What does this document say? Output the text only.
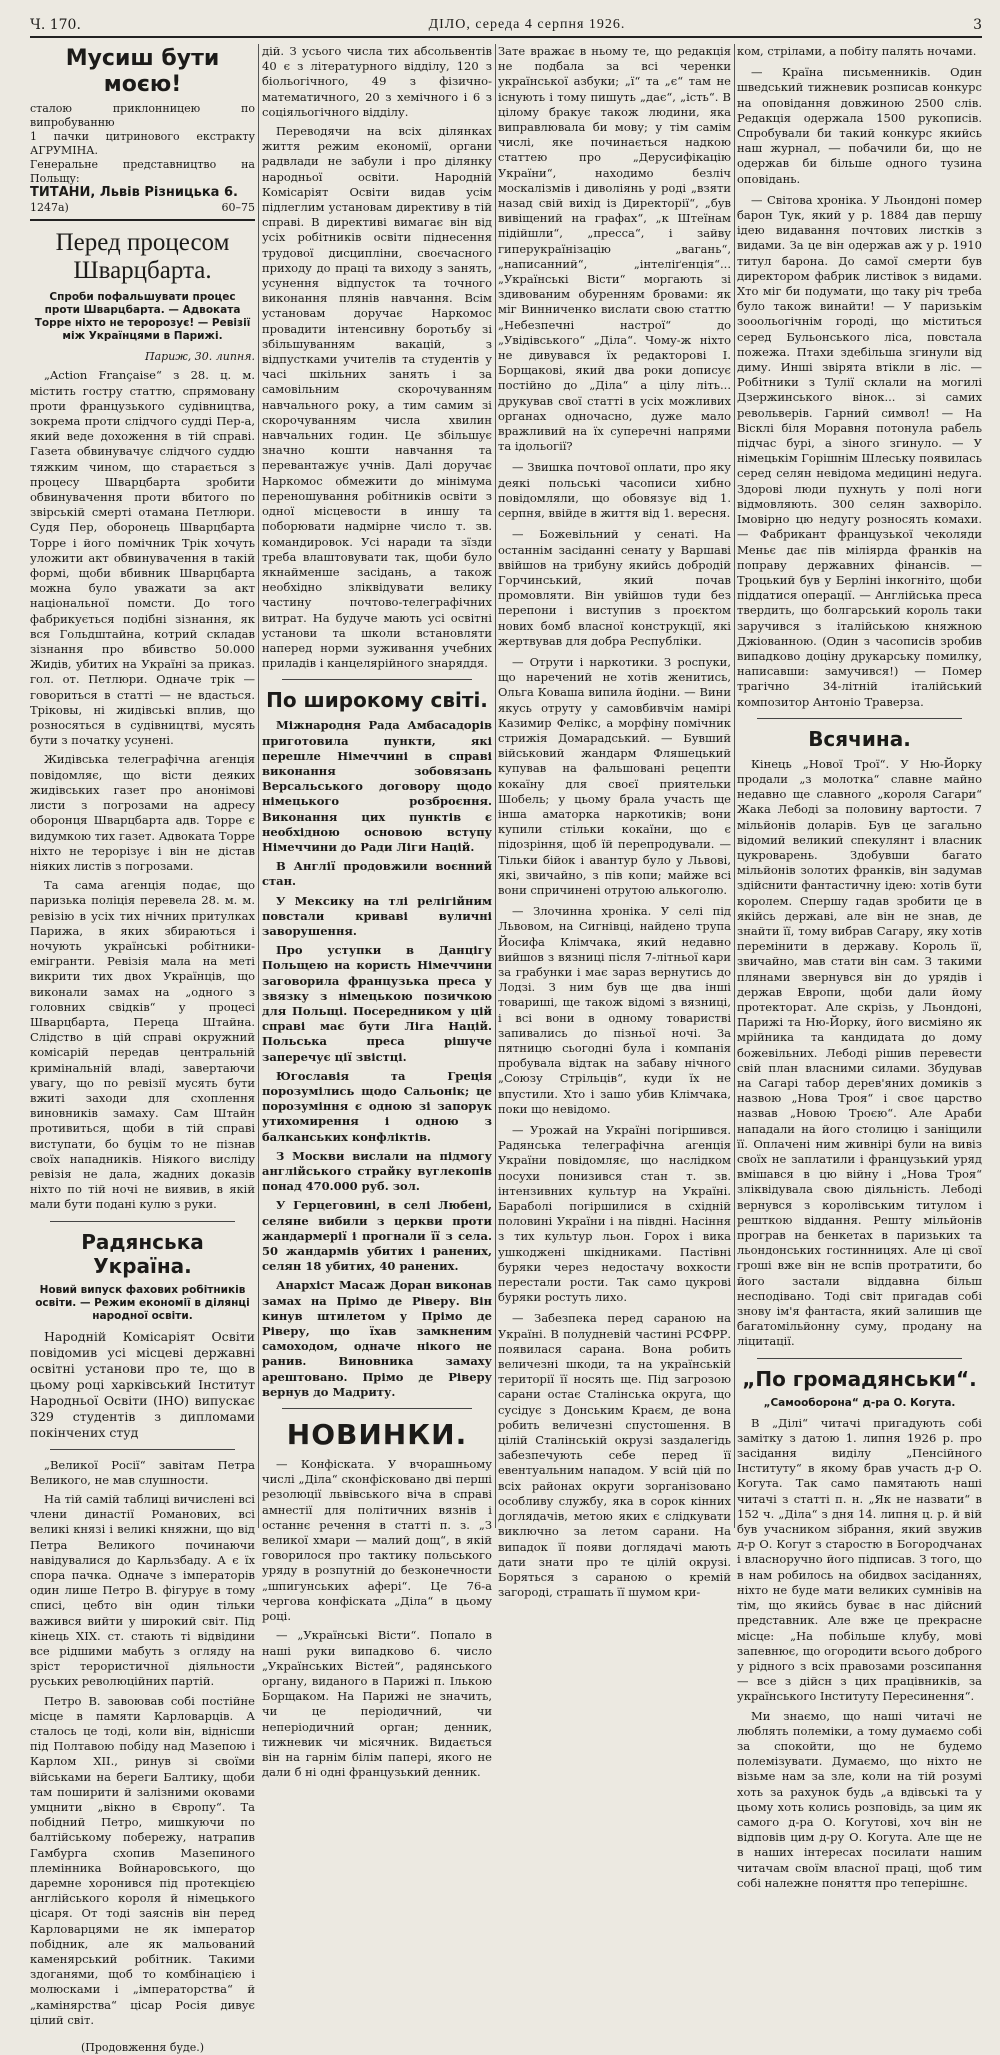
Ч. 170.	ДІЛО, середа 4 серпня 1926.	3
Мусиш бути моєю!

сталою приклонницею по випробуванню

1 пачки цитринового екстракту АГРУМІНА.

Генеральне представництво на Польщу:

ТИТАНИ, Львів Різницька 6.

1247а)	60–75
Перед процесом Шварцбарта.
Спроби пофальшувати процес проти Шварцбарта. — Адвоката Торре ніхто не теророзує! — Ревізії між Українцями в Парижі.
Париж, 30. липня.

„Action Française“ з 28. ц. м. містить гостру статтю, спрямовану проти французького судівництва, зокрема проти слідчого судді Пер-а, який веде дохоження в тій справі. Газета обвинувачує слідчого суддю тяжким чином, що старається з процесу Шварцбарта зробити обвинувачення проти вбитого по звірській смерті отамана Петлюри. Судя Пер, оборонець Шварцбарта Торре і його помічник Трік хочуть уложити акт обвинувачення в такій формі, щоби вбивник Шварцбарта можна було уважати за акт національної помсти. До того фабрикується подібні зізнання, як вся Гольдштайна, котрий складав зізнання про вбивство 50.000 Жидів, убитих на Україні за приказ. гол. от. Петлюри. Одначе трік — говориться в статті — не вдасться. Тріковы, ні жидівські вплив, що розносяться в судівництві, мусять бути з початку усунені.

Жидівська телеграфічна агенція повідомляє, що вісти деяких жидівських газет про анонімові листи з погрозами на адресу оборонця Шварцбарта адв. Торре є видумкою тих газет. Адвоката Торре ніхто не терорізує і він не дістав ніяких листів з погрозами.

Та сама агенція подає, що паризька поліція перевела 28. м. м. ревізію в усіх тих нічних притулках Парижа, в яких збираються і ночують українські робітники-емігранти. Ревізія мала на меті викрити тих двох Українців, що виконали замах на „одного з головних свідків“ у процесі Шварцбарта, Переца Штайна. Слідство в цій справі окружний комісарій передав центральній кримінальній владі, завертаючи увагу, що по ревізії мусять бути вжиті заходи для схоплення виновників замаху. Сам Штайн противиться, щоби в тій справі виступати, бо буцім то не пізнав своїх нападників. Ніякого висліду ревізія не дала, жадних доказів ніхто по тій ночі не виявив, в якій мали бути подані кулю з руки.

Радянська Україна.
Новий випуск фахових робітників освіти. — Режим економії в ділянці народної освіти.

Народній Комісаріят Освіти повідомив усі місцеві державні освітні установи про те, що в цьому році харківський Інститут Народньої Освіти (ІНО) випускає 329 студентів з дипломами покінчених студ

„Великої Росії“ завітам Петра Великого, не мав слушности.

На тій самій таблиці вичислені всі члени династії Романових, всі великі князі і великі княжни, що від Петра Великого починаючи навідувалися до Карльзбаду. А є їх спора пачка. Одначе з імператорів один лише Петро В. фігурує в тому списі, цебто він один тільки важився вийти у широкий світ. Під кінець XIX. ст. стають ті відвідини все рідшими мабуть з огляду на зріст терористичної діяльности руських революційних партій.

Петро В. завоював собі постійне місце в памяти Карловарців. А сталось це тоді, коли він, віднісши під Полтавою побіду над Мазепою і Карлом XII., ринув зі своїми військами на береги Балтику, щоби там поширити й залізними оковами умцнити „вікно в Європу“. Та побідний Петро, мишкуючи по балтійському побережу, натрапив Гамбурга схопив Мазепиного племінника Войнаровського, що даремне хоронився під протекцією англійського короля й німецького цісаря. От тоді заяснів він перед Карловарцями не як імператор побідник, але як мальований каменярський робітник. Такими здоганями, щоб то комбінацією і молюсками і „імператорства“ й „камінярства“ цісар Росія дивує цілий світ.

(Продовження буде.)

дій. З усього числа тих абсольвентів 40 є з літературного відділу, 120 з біольогічного, 49 з фізично-математичного, 20 з хемічного і 6 з соціяльогічного відділу.

Переводячи на всіх ділянках життя режим економії, органи радвлади не забули і про ділянку народньої освіти. Народній Комісаріят Освіти видав усім підлеглим установам директиву в тій справі. В директиві вимагає він від усіх робітників освіти піднесення трудової дисципліни, своєчасного приходу до праці та виходу з занять, усунення відпусток та точного виконання плянів навчання. Всім установам доручає Наркомос провадити інтенсивну боротьбу зі збільшуванням вакацій, з відпустками учителів та студентів у часі шкільних занять і за самовільним скорочуванням навчального року, а тим самим зі скорочуванням числа хвилин навчальних годин. Це збільшує значно кошти навчання та перевантажує учнів. Далі доручає Наркомос обмежити до мінімума переношування робітників освіти з одної місцевости в иншу та поборювати надмірне число т. зв. командировок. Усі наради та зїзди треба влаштовувати так, щоби було якнайменше засідань, а також необхідно зліквідувати велику частину почтово-телеграфічних витрат. На будуче мають усі освітні установи та школи встановляти наперед норми зуживання учебних приладів і канцелярійного знаряддя.

По широкому світі.

Міжнародня Рада Амбасадорів приготовила пункти, які перешле Німеччині в справі виконання зобовязань Версальського договору щодо німецького розброєння. Виконання цих пунктів є необхідною основою вступу Німеччини до Ради Ліги Націй.

В Англії продовжили воєнний стан.

У Мексику на тлі релігійним повстали криваві вуличні заворушення.

Про уступки в Данцігу Польщею на користь Німеччини заговорила французька преса у звязку з німецькою позичкою для Польщі. Посередником у цій справі має бути Ліга Націй. Польська преса рішуче заперечує ції звістці.

Югославія та Греція порозумілись щодо Сальонік; це порозуміння є одною зі запорук утихомирення і одною з балканських конфліктів.

З Москви вислали на підмогу англійського страйку вуглекопів понад 470.000 руб. зол.

У Герцеговині, в селі Любені, селяне вибили з церкви проти жандармерії і прогнали її з села. 50 жандармів убитих і ранених, селян 18 убитих, 40 ранених.

Анархіст Масаж Доран виконав замах на Прімо де Ріверу. Він кинув штилетом у Прімо де Ріверу, що їхав замкненим самоходом, одначе нікого не ранив. Виновника замаху арештовано. Прімо де Ріверу вернув до Мадриту.

НОВИНКИ.

— Конфіската. У вчорашньому числі „Діла“ сконфісковано дві перші резолюції львівського віча в справі амнестії для політичних вязнів і останнє речення в статті п. з. „З великої хмари — малий дощ“, в якій говорилося про тактику польського уряду в розпутній до безконечности „шпигунських афері“. Це 76-а чергова конфіската „Діла“ в цьому році.

— „Українські Вісти“. Попало в наші руки випадково 6. число „Українських Вістей“, радянського органу, виданого в Парижі п. Ількою Борщаком. На Парижі не значить, чи це періодичний, чи неперіодичний орган; денник, тижневик чи місячник. Видається він на гарнім білім папері, якого не дали б ні одні французький денник.

Зате вражає в ньому те, що редакція не подбала за всі черенки української азбуки; „ї“ та „є“ там не існують і тому пишуть „дає“, „ість“. В цілому бракує також людини, яка виправлювала би мову; у тім самім числі, яке починається надкою статтею про „Дерусифікацію України“, находимо безліч москалізмів і диволіянь у роді „взяти назад свій вихід із Директорії“, „був вивіщений на графах“, „к Штеїнам підійшли“, „пресса“, і зайву гиперукраїнізацію „вагань“, „написанний“, „інтеліґенція“... „Українські Вісти“ моргають зі здивованим обуренням бровами: як міг Винниченко вислати свою статтю „Небезпечні настрої“ до „Увідівського“ „Діла“. Чому-ж ніхто не дивувався їх редакторові І. Борщакові, який два роки дописує постійно до „Діла“ а цілу літь... друкував свої статті в усіх можливих органах одночасно, дуже мало вражливий на їх суперечні напрями та ідольогії?

— Звишка почтової оплати, про яку деякі польські часописи хибно повідомляли, що обовязує від 1. серпня, ввійде в життя від 1. вересня.

— Божевільний у сенаті. На останнім засіданні сенату у Варшаві ввійшов на трибуну якийсь добродій Горчинський, який почав промовляти. Він увійшов туди без перепони і виступив з проєктом нових бомб власної конструкції, які жертвував для добра Республіки.

— Отрути і наркотики. З роспуки, що наречений не хотів женитись, Ольга Коваша випила йодіни. — Вини якусь отруту у самовбивчім намірі Казимир Фелікс, а морфіну помічник стрижія Домарадський. — Бувший військовий жандарм Фляшецький купував на фальшовані рецепти кокаїну для своєї приятельки Шобель; у цьому брала участь ще інша аматорка наркотиків; вони купили стільки кокаїни, що є підозріння, щоб їй перепродували. — Тільки бійок і авантур було у Львові, які, звичайно, з пів копи; майже всі вони спричинені отрутою алькоголю.

— Злочинна хроніка. У селі під Львовом, на Сигнівці, найдено трупа Йосифа Клімчака, який недавно вийшов з вязниці після 7-літньої кари за грабунки і має зараз вернутись до Лодзі. З ним був ще два інші товариші, ще також відомі з вязниці, і всі вони в одному товаристві запивались до пізньої ночі. За пятницю сьогодні була і компанія пробувала відтак на забаву нічного „Союзу Стрільців“, куди їх не впустили. Хто і зашо убив Клімчака, поки що невідомо.

— Урожай на Україні погіршився. Радянська телеграфічна агенція України повідомляє, що наслідком посухи понизився стан т. зв. інтензивних культур на Україні. Бараболі погіршилися в східній половині України і на півдні. Насіння з тих культур льон. Горох і вика ушкоджені шкідниками. Пастівні буряки через недостачу вохкости перестали рости. Так само цукрові буряки ростуть лихо.

— Забезпека перед сараною на Україні. В полудневій частині РСФРР. появилася сарана. Вона робить величезні шкоди, та на українській території її носять ще. Під загрозою сарани остає Сталінська округа, що сусідує з Донським Краєм, де вона робить величезні спустошення. В цілій Сталінській окрузі заздалегідь забезпечують себе перед її евентуальним нападом. У всій цій по всіх районах округи зорганізовано особливу службу, яка в сорок кінних доглядачів, метою яких є слідкувати виключно за летом сарани. На випадок її появи доглядачі мають дати знати про те цілій окрузі. Боряться з сараною о кремій загороді, страшать її шумом кри-

ком, стрілами, а побіту палять ночами.

— Країна письменників. Один шведський тижневик розписав конкурс на оповідання довжиною 2500 слів. Редакція одержала 1500 рукописів. Спробували би такий конкурс якийсь наш журнал, ― побачили би, що не одержав би більше одного тузина оповідань.

— Світова хроніка. У Льондоні помер барон Тук, який у р. 1884 дав першу ідею видавання почтових листків з видами. За це він одержав аж у р. 1910 титул барона. До самої смерти був директором фабрик листівок з видами. Хто міг би подумати, що таку річ треба було також винайти! — У паризькім зооольогічнім городі, що міститься серед Бульонського ліса, повстала пожежа. Птахи здебільша згинули від диму. Инші звірята втікли в ліс. — Робітники з Тулії склали на могилі Дзержинського вінок... зі самих револьверів. Гарний символ! — На Вісклі біля Моравня потонула рабель підчас бурі, а зіного згинуло. — У німецькім Горішнім Шлеську появилась серед селян невідома медицині недуга. Здорові люди пухнуть у полі ноги відмовляють. 300 селян захворіло. Імовірно цю недугу розносять комахи. — Фабрикант французької чеколяди Меньє дає пів міліярда франків на поправу державних фінансів. — Троцький був у Берліні інкогніто, щоби піддатися операції. — Англійська преса твердить, що болгарський король таки заручився з італійською княжною Джіованною. (Один з часописів зробив випадково доціну друкарську помилку, написавши: замучився!) — Помер трагічно 34-літній італійський композитор Антоніо Траверза.

Всячина.

Кінець „Нової Трої“. У Ню-Йорку продали „з молотка“ славне майно недавно ще славного „короля Сагари“ Жака Лебоді за половину вартости. 7 мільйонів доларів. Був це загально відомий великий спекулянт і власник цукроварень. Здобувши багато мільйонів золотих франків, він задумав здійснити фантастичну ідею: хотів бути королем. Спершу гадав зробити це в якійсь державі, але він не знав, де знайти її, тому вибрав Сагару, яку хотів перемінити в державу. Король її, звичайно, мав стати він сам. З такими плянами звернувся він до урядів і держав Европи, щоби дали йому протекторат. Але скрізь, у Льондоні, Парижі та Ню-Йорку, його висміяно як мрійника та кандидата до дому божевільних. Лебоді рішив перевести свій план власними силами. Збудував на Сагарі табор дерев'яних домиків з назвою „Нова Троя“ і своє царство назвав „Новою Троєю“. Але Араби нападали на його столицю і заніщили її. Оплачені ним живнірі були на вивіз своїх не заплатили і французький уряд вмішався в цю війну і „Нова Троя“ зліквідувала свою діяльність. Лебоді вернувся з королівським титулом і решткою віддання. Решту мільйонів програв на бенкетах в паризьких та льондонських гостинницях. Але ці свої гроші вже він не вспів протратити, бо його застали віддавна більш несподівано. Тоді світ пригадав собі знову ім'я фантаста, який залишив ще багатомільйонну суму, продану на ліцитації.

„По громадянськи“.
„Самооборона“ д-ра О. Когута.

В „Ділі“ читачі пригадують собі замітку з датою 1. липня 1926 р. про засідання виділу „Пенсійного Інституту“ в якому брав участь д-р О. Когута. Так само памятають наші читачі з статті п. н. „Як не назвати“ в 152 ч. „Діла“ з дня 14. липня ц. р. й вій був учасником зібрання, який звужив д-р О. Когут з старостю в Богородчанах і власноручно його підписав. З того, що в нам робилось на обидвох засіданнях, ніхто не буде мати великих сумнівів на тім, що якийсь буває в нас дійсний представник. Але вже це прекрасне місце: „На побільше клубу, мові запевнює, що огородити всього доброго у рідного з всіх правозами розсипання — все з дійсн з цих працівників, за українського Інституту Пересинення“.

Ми знаємо, що наші читачі не люблять полеміки, а тому думаємо собі за спокойти, що не будемо полемізувати. Думаємо, що ніхто не візьме нам за зле, коли на тій розумі хоть за рахунок будь „а вдівські та у цьому хоть колись розповідь, за цим як самого д-ра О. Когутові, хоч він не відповів цим д-ру О. Когута. Але ще не в наших інтересах посилати нашим читачам своїм власної праці, щоб тим собі належне поняття про теперішнє.
